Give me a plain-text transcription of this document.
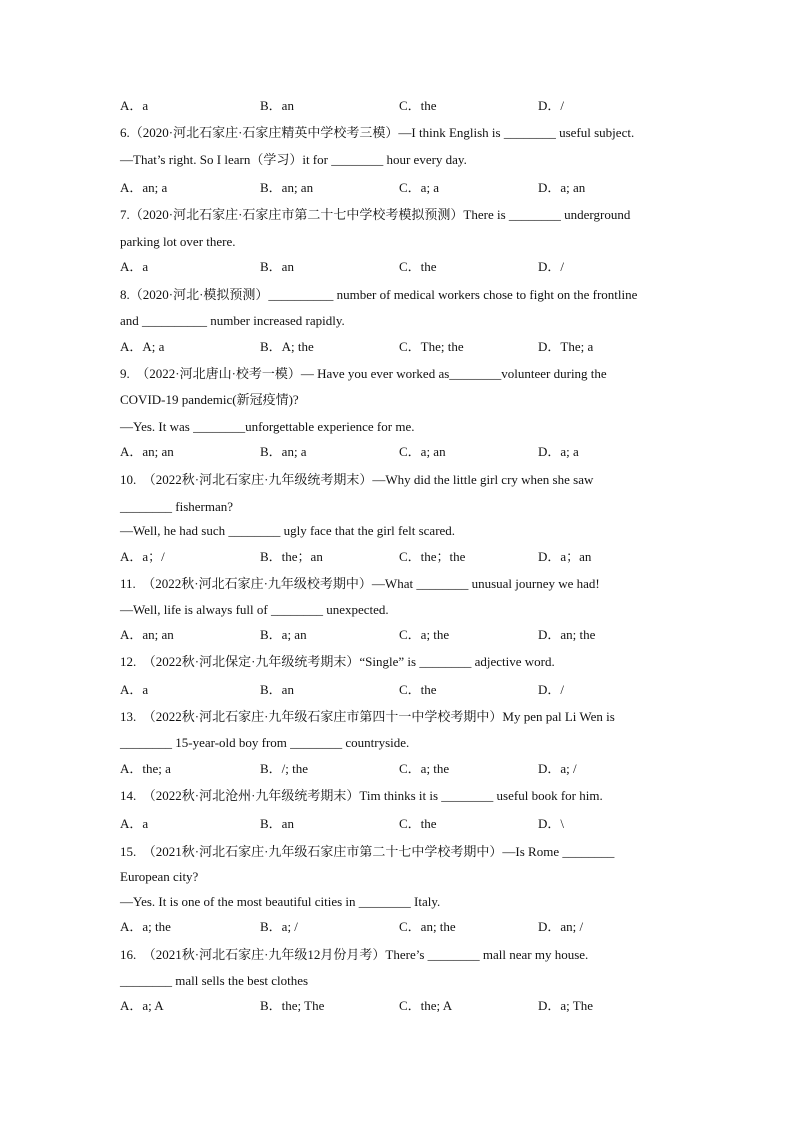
A．a	B．an	C．the	D．/
6.（2020·河北石家庄·石家庄精英中学校考三模）—I think English is ________ useful subject.
—That’s right. So I learn（学习）it for ________ hour every day.
A．an; a	B．an; an	C．a; a	D．a; an
7.（2020·河北石家庄·石家庄市第二十七中学校考模拟预测）There is ________ underground
parking lot over there.
A．a	B．an	C．the	D．/
8.（2020·河北·模拟预测）__________ number of medical workers chose to fight on the frontline
and __________ number increased rapidly.
A．A; a	B．A; the	C．The; the	D．The; a
9.　（2022·河北唐山·校考一模）— Have you ever worked as________volunteer during the
COVID-19 pandemic(新冠疫情)?
—Yes. It was ________unforgettable experience for me.
A．an; an	B．an; a	C．a; an	D．a; a
10.　（2022秋·河北石家庄·九年级统考期末）—Why did the little girl cry when she saw
________ fisherman?
—Well, he had such ________ ugly face that the girl felt scared.
A．a；/	B．the；an	C．the；the	D．a；an
11.　（2022秋·河北石家庄·九年级校考期中）—What ________ unusual journey we had!
—Well, life is always full of ________ unexpected.
A．an; an	B．a; an	C．a; the	D．an; the
12.　（2022秋·河北保定·九年级统考期末）“Single” is ________ adjective word.
A．a	B．an	C．the	D．/
13.　（2022秋·河北石家庄·九年级石家庄市第四十一中学校考期中）My pen pal Li Wen is
________ 15-year-old boy from ________ countryside.
A．the; a	B．/; the	C．a; the	D．a; /
14.　（2022秋·河北沧州·九年级统考期末）Tim thinks it is ________ useful book for him.
A．a	B．an	C．the	D．\
15.　（2021秋·河北石家庄·九年级石家庄市第二十七中学校考期中）—Is Rome ________
European city?
—Yes. It is one of the most beautiful cities in ________ Italy.
A．a; the	B．a; /	C．an; the	D．an; /
16.　（2021秋·河北石家庄·九年级12月份月考）There’s ________ mall near my house.
________ mall sells the best clothes
A．a; A	B．the; The	C．the; A	D．a; The
